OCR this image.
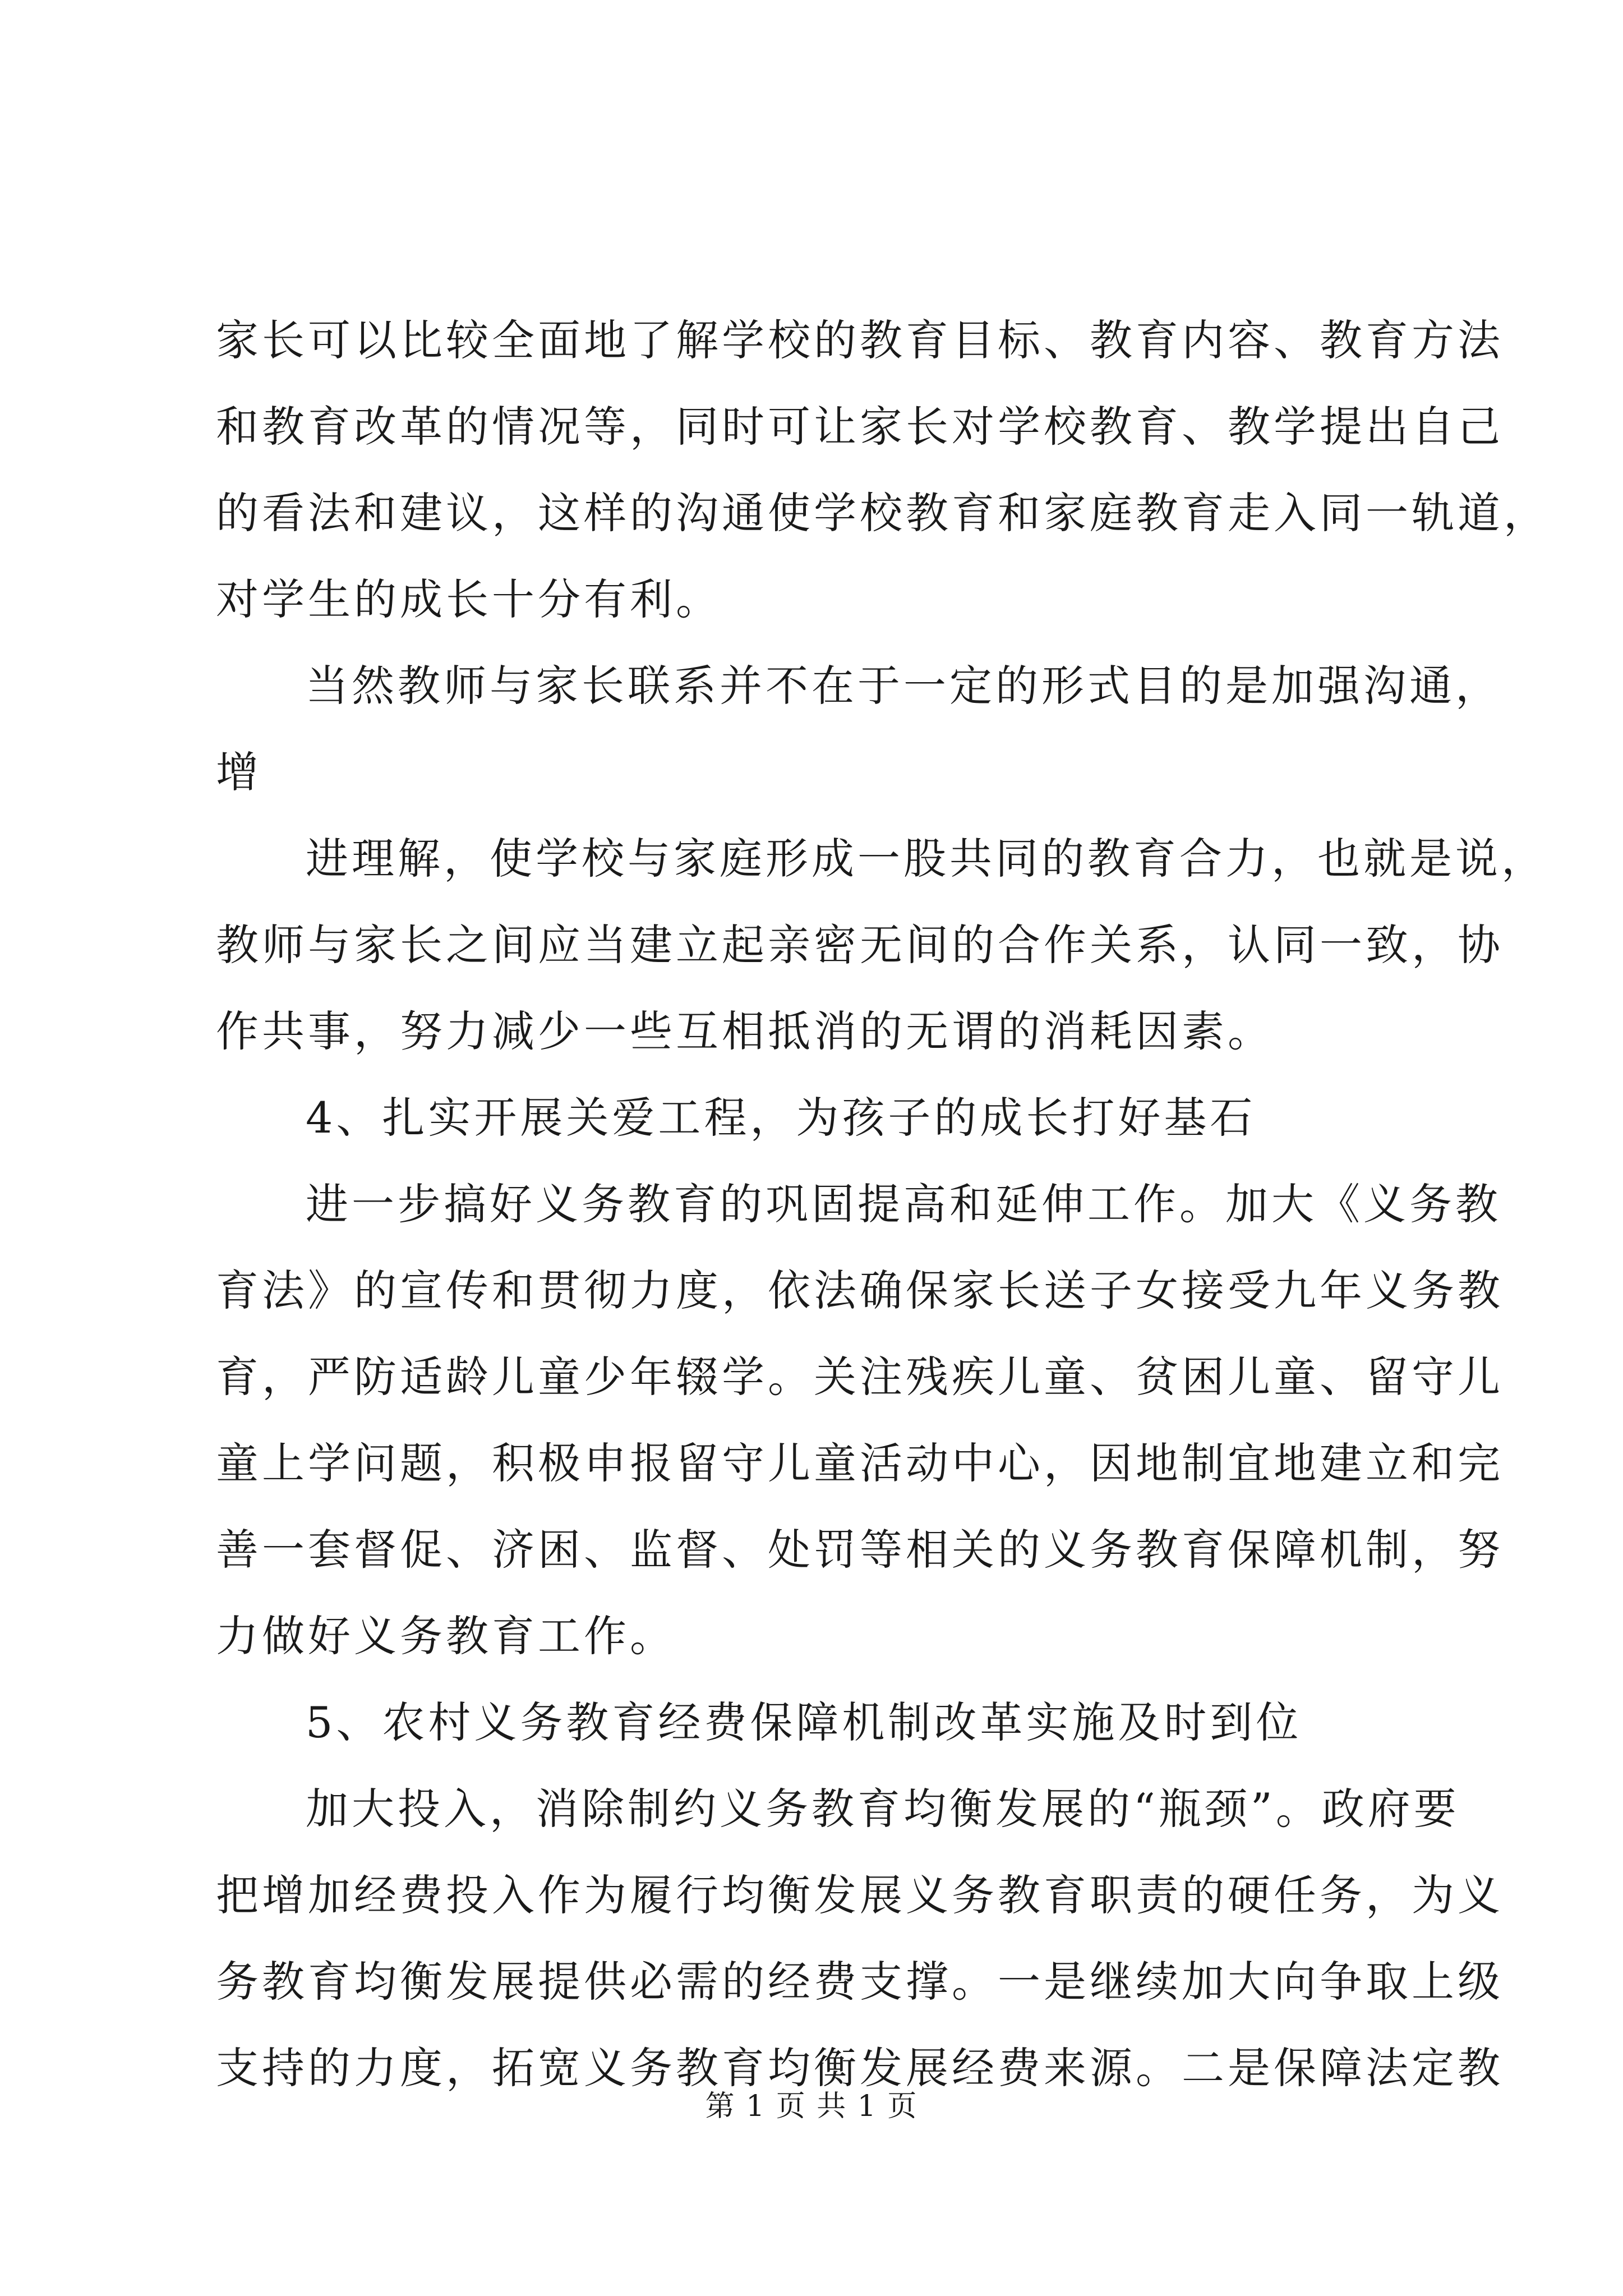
家长可以比较全面地了解学校的教育目标、教育内容、教育方法
和教育改革的情况等，同时可让家长对学校教育、教学提出自己
的看法和建议，这样的沟通使学校教育和家庭教育走入同一轨道，
对学生的成长十分有利。
当然教师与家长联系并不在于一定的形式目的是加强沟通，
增
进理解，使学校与家庭形成一股共同的教育合力，也就是说，
教师与家长之间应当建立起亲密无间的合作关系，认同一致，协
作共事，努力减少一些互相抵消的无谓的消耗因素。
4、扎实开展关爱工程，为孩子的成长打好基石
进一步搞好义务教育的巩固提高和延伸工作。加大《义务教
育法》的宣传和贯彻力度，依法确保家长送子女接受九年义务教
育，严防适龄儿童少年辍学。关注残疾儿童、贫困儿童、留守儿
童上学问题，积极申报留守儿童活动中心，因地制宜地建立和完
善一套督促、济困、监督、处罚等相关的义务教育保障机制，努
力做好义务教育工作。
5、农村义务教育经费保障机制改革实施及时到位
加大投入，消除制约义务教育均衡发展的“瓶颈”。政府要
把增加经费投入作为履行均衡发展义务教育职责的硬任务，为义
务教育均衡发展提供必需的经费支撑。一是继续加大向争取上级
支持的力度，拓宽义务教育均衡发展经费来源。二是保障法定教
第 1 页 共 1 页
